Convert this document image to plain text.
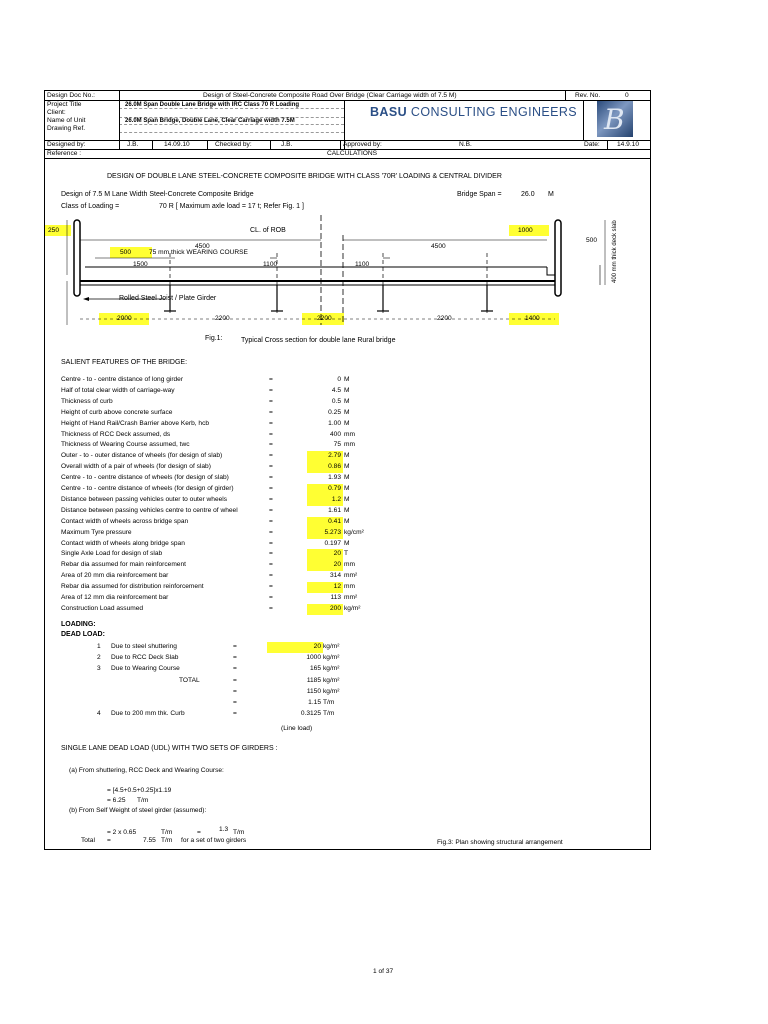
Design Doc No.:	Design of Steel-Concrete Composite Road Over Bridge (Clear Carriage width of 7.5 M)	Rev. No.	0
Project Title	26.0M Span Double Lane Bridge with IRC Class 70 R Loading
Client:
Name of Unit	26.0M Span Bridge, Double Lane, Clear Carriage width 7.5M
Drawing Ref.
BASU CONSULTING ENGINEERS B
Designed by:	J.B.	14.09.10	Checked by:	J.B.	Approved by:	N.B.	Date:	14.9.10
Reference :	CALCULATIONS
DESIGN OF DOUBLE LANE STEEL-CONCRETE COMPOSITE BRIDGE WITH CLASS '70R' LOADING & CENTRAL DIVIDER
Design of 7.5 M Lane Width Steel-Concrete Composite Bridge	Bridge Span =	26.0 M
Class of Loading =	70 R [ Maximum axle load = 17 t; Refer Fig. 1 ]
250	1000
CL. of ROB
4500	4500
500	75 mm thick WEARING COURSE
500 400 mm thick deck slab
1500	1100	1100
Rolled Steel Joist / Plate Girder
2000	2200	2200	2200	1400
Fig.1:	Typical Cross section for double lane Rural bridge
SALIENT FEATURES OF THE BRIDGE:
Centre - to - centre distance of long girder	=	0 M
Half of total clear width of carriage-way	=	4.5 M
Thickness of curb	=	0.5 M
Height of curb above concrete surface	=	0.25 M
Height of Hand Rail/Crash Barrier above Kerb, hcb	=	1.00 M
Thickness of RCC Deck assumed, ds	=	400 mm
Thickness of Wearing Course assumed, twc	=	75 mm
Outer - to - outer distance of wheels (for design of slab)	=	2.79 M
Overall width of a pair of wheels (for design of slab)	=	0.86 M
Centre - to - centre distance of wheels (for design of slab)	=	1.93 M
Centre - to - centre distance of wheels (for design of girder)	=	0.79 M
Distance between passing vehicles outer to outer wheels	=	1.2 M
Distance between passing vehicles centre to centre of wheel	=	1.61 M
Contact width of wheels across bridge span	=	0.41 M
Maximum Tyre pressure	=	5.273 kg/cm²
Contact width of wheels along bridge span	=	0.197 M
Single Axle Load for design of slab	=	20 T
Rebar dia assumed for main reinforcement	=	20 mm
Area of 20 mm dia reinforcement bar	=	314 mm²
Rebar dia assumed for distribution reinforcement	=	12 mm
Area of 12 mm dia reinforcement bar	=	113 mm²
Construction Load assumed	=	200 kg/m²
LOADING:
DEAD LOAD:
1 Due to steel shuttering	=	20 kg/m²
2 Due to RCC Deck Slab	=	1000 kg/m²
3 Due to Wearing Course	=	165 kg/m²
TOTAL	=	1185 kg/m²
=	1150 kg/m²
=	1.15 T/m
4 Due to 200 mm thk. Curb	=	0.3125 T/m
(Line load)
SINGLE LANE DEAD LOAD (UDL) WITH TWO SETS OF GIRDERS :
(a) From shuttering, RCC Deck and Wearing Course:
= [4.5+0.5+0.25]x1.19
= 6.25 T/m
(b) From Self Weight of steel girder (assumed):
= 2 x 0.65	T/m	=	1.3 T/m
Total =	7.55 T/m for a set of two girders	Fig.3: Plan showing structural arrangement
1 of 37
